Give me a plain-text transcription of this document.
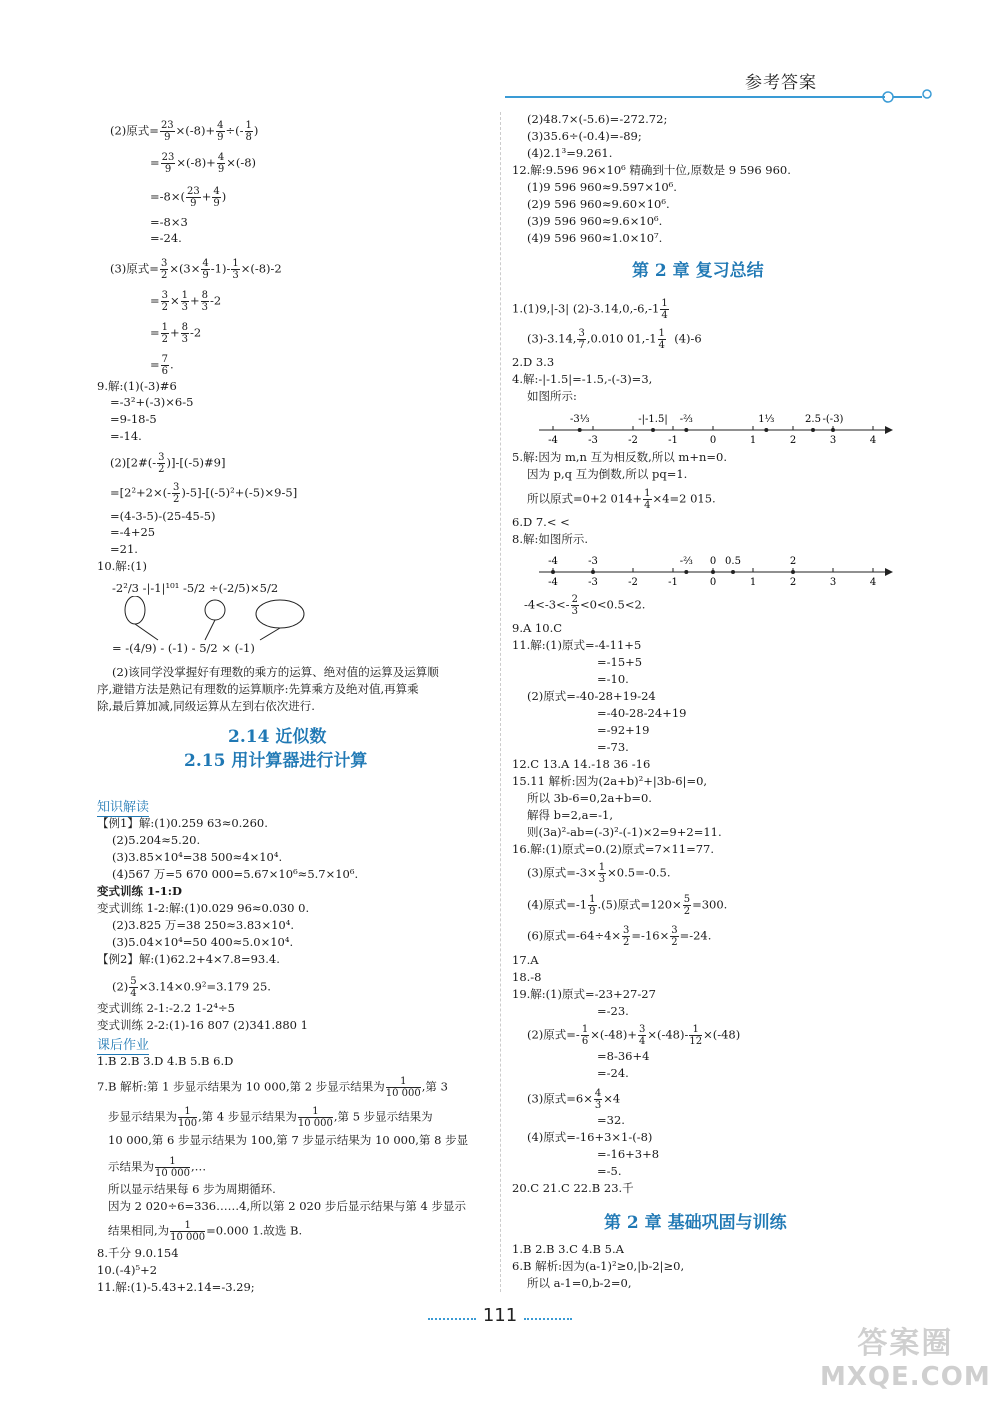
参考答案
(2)原式= $\frac{23}{9} \times(-8)+ \frac{4}{9}$ ÷(- $\frac{1}{8}$ )
= $\frac{23}{9} \times(-8)+ \frac{4}{9} \times(-8)$
$=-8\times( \frac{23}{9} + \frac{4}{9}$ )
=-8×3
=-24.
(3)原式= $\frac{3}{2} \times(3\times \frac{4}{9} -1)- \frac{1}{3} \times(-8)-2$
= $\frac{3}{2} \times \frac{1}{3} + \frac{8}{3} -2$
= $\frac{1}{2} + \frac{8}{3} -2$
= $\frac{7}{6}$ .
9.解:(1)(-3)#6
=-3²+(-3)×6-5
=9-18-5
=-14.
(2)[2#(- $\frac{3}{2}$ )]-[(-5)#9]
$=[2^2+2\times(- \frac{3}{2} )-5]-[(-5)^2+(-5)\times 9-5]$
=(4-3-5)-(25-45-5)
=-4+25
=21.
10.解:(1)
-2²/3 -|-1|¹⁰¹ -5/2 ÷(-2/5)×5/2
= -(4/9) - (-1) - 5/2 × (-1)
(2)该同学没掌握好有理数的乘方的运算、绝对值的运算及运算顺
序,避错方法是熟记有理数的运算顺序:先算乘方及绝对值,再算乘
除,最后算加减,同级运算从左到右依次进行.
2.14 近似数
2.15 用计算器进行计算
知识解读
【例1】解:(1)0.259 63≈0.260.
(2)5.204≈5.20.
(3)3.85×10⁴=38 500≈4×10⁴.
(4)567 万=5 670 000=5.67×10⁶≈5.7×10⁶.
变式训练 1-1:D
变式训练 1-2:解:(1)0.029 96≈0.030 0.
(2)3.825 万=38 250≈3.83×10⁴.
(3)5.04×10⁴=50 400≈5.0×10⁴.
【例2】解:(1)62.2+4×7.8=93.4.
$(2) \frac{5}{4} \times 3.14\times 0.9^2=3.179$ 25.
变式训练 2-1:-2.2 1-2⁴÷5
变式训练 2-2:(1)-16 807 (2)341.880 1
课后作业
1.B 2.B 3.D 4.B 5.B 6.D
7.B 解析:第 1 步显示结果为 10 000,第 2 步显示结果为 $\frac{1}{10 000}$ ,第 3
步显示结果为 $\frac{1}{100}$ ,第 4 步显示结果为 $\frac{1}{10 000}$ ,第 5 步显示结果为
10 000,第 6 步显示结果为 100,第 7 步显示结果为 10 000,第 8 步显
示结果为 $\frac{1}{10 000}$ ,…
所以显示结果每 6 步为周期循环.
因为 2 020÷6=336……4,所以第 2 020 步后显示结果与第 4 步显示
结果相同,为 $\frac{1}{10 000} =0.000$ 1.故选 B.
8.千分 9.0.154
10.(-4)⁵+2
11.解:(1)-5.43+2.14=-3.29;
(2)48.7×(-5.6)=-272.72;
(3)35.6÷(-0.4)=-89;
(4)2.1³=9.261.
12.解:9.596 96×10⁶ 精确到十位,原数是 9 596 960.
(1)9 596 960≈9.597×10⁶.
(2)9 596 960≈9.60×10⁶.
(3)9 596 960≈9.6×10⁶.
(4)9 596 960≈1.0×10⁷.
第 2 章 复习总结
1.(1)9,|-3| $(2)-3.14,0,-6,-1 \frac{1}{4}$
(3)-3.14, $\frac{3}{7} ,0.010$ $01,-1 \frac{1}{4} (4)-6$
2.D 3.3
4.解:-|-1.5|=-1.5,-(-3)=3,
如图所示:
-4	-3	-2	-1	0	1	2	3	4
-3⅓	-|-1.5| -⅔	1⅓	2.5 -(-3)
5.解:因为 m,n 互为相反数,所以 m+n=0.
因为 p,q 互为倒数,所以 pq=1.
所以原式=0+2 $014+ \frac{1}{4} \times 4=2$ 015.
6.D 7.< <
8.解:如图所示.
-4	-3	-2	-1	0	1	2	3	4
-4	-3	-⅔ 0 0.5	2
$-4<-3<- \frac{2}{3} <0<0.5<2$.
9.A 10.C
11.解:(1)原式=-4-11+5
=-15+5
=-10.
(2)原式=-40-28+19-24
=-40-28-24+19
=-92+19
=-73.
12.C 13.A 14.-18 36 -16
15.11 解析:因为(2a+b)²+|3b-6|=0,
所以 3b-6=0,2a+b=0.
解得 b=2,a=-1,
则(3a)²-ab=(-3)²-(-1)×2=9+2=11.
16.解:(1)原式=0.(2)原式=7×11=77.
(3)原式$=-3\times \frac{1}{3} \times 0.5=-0.5$.
(4)原式$=-1 \frac{1}{9} .(5)$原式$=120\times \frac{5}{2} =300$.
(6)原式$=-64\div 4\times \frac{3}{2} =-16\times \frac{3}{2} =-24$.
17.A
18.-8
19.解:(1)原式=-23+27-27
=-23.
(2)原式=- $\frac{1}{6} \times(-48)+ \frac{3}{4} \times(-48)- \frac{1}{12} \times(-48)$
=8-36+4
=-24.
(3)原式$=6\times \frac{4}{3} \times 4$
=32.
(4)原式=-16+3×1-(-8)
=-16+3+8
=-5.
20.C 21.C 22.B 23.千
第 2 章 基础巩固与训练
1.B 2.B 3.C 4.B 5.A
6.B 解析:因为(a-1)²≥0,|b-2|≥0,
所以 a-1=0,b-2=0,
111
答案圈
MXQE.COM
